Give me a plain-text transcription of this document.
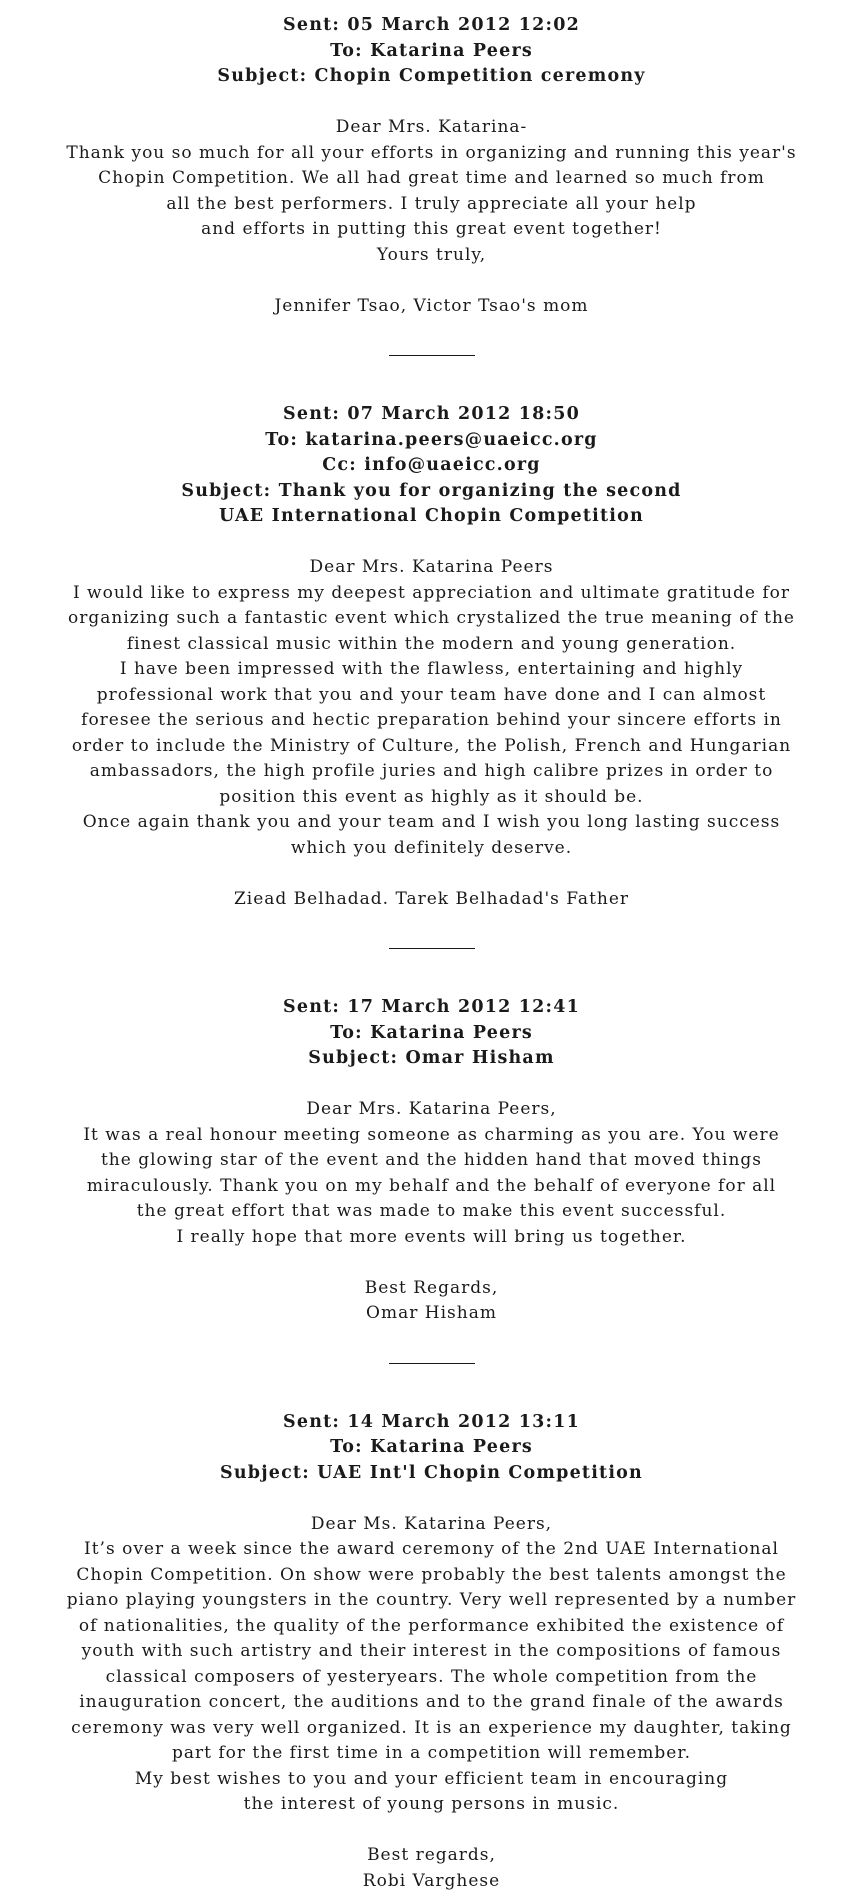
Sent: 05 March 2012 12:02
To: Katarina Peers
Subject: Chopin Competition ceremony

Dear Mrs. Katarina-

Thank you so much for all your efforts in organizing and running this year's

Chopin Competition. We all had great time and learned so much from

all the best performers. I truly appreciate all your help

and efforts in putting this great event together!

Yours truly,

Jennifer Tsao, Victor Tsao's mom

Sent: 07 March 2012 18:50
To: katarina.peers@uaeicc.org
Cc: info@uaeicc.org
Subject: Thank you for organizing the second
UAE International Chopin Competition

Dear Mrs. Katarina Peers

I would like to express my deepest appreciation and ultimate gratitude for

organizing such a fantastic event which crystalized the true meaning of the

finest classical music within the modern and young generation.

I have been impressed with the flawless, entertaining and highly

professional work that you and your team have done and I can almost

foresee the serious and hectic preparation behind your sincere efforts in

order to include the Ministry of Culture, the Polish, French and Hungarian

ambassadors, the high profile juries and high calibre prizes in order to

position this event as highly as it should be.

Once again thank you and your team and I wish you long lasting success

which you definitely deserve.

Ziead Belhadad. Tarek Belhadad's Father

Sent: 17 March 2012 12:41
To: Katarina Peers
Subject: Omar Hisham

Dear Mrs. Katarina Peers,

It was a real honour meeting someone as charming as you are. You were

the glowing star of the event and the hidden hand that moved things

miraculously. Thank you on my behalf and the behalf of everyone for all

the great effort that was made to make this event successful.

I really hope that more events will bring us together.

Best Regards,

Omar Hisham

Sent: 14 March 2012 13:11
To: Katarina Peers
Subject: UAE Int'l Chopin Competition

Dear Ms. Katarina Peers,

It’s over a week since the award ceremony of the 2nd UAE International

Chopin Competition. On show were probably the best talents amongst the

piano playing youngsters in the country. Very well represented by a number

of nationalities, the quality of the performance exhibited the existence of

youth with such artistry and their interest in the compositions of famous

classical composers of yesteryears. The whole competition from the

inauguration concert, the auditions and to the grand finale of the awards

ceremony was very well organized. It is an experience my daughter, taking

part for the first time in a competition will remember.

My best wishes to you and your efficient team in encouraging

the interest of young persons in music.

Best regards,

Robi Varghese
